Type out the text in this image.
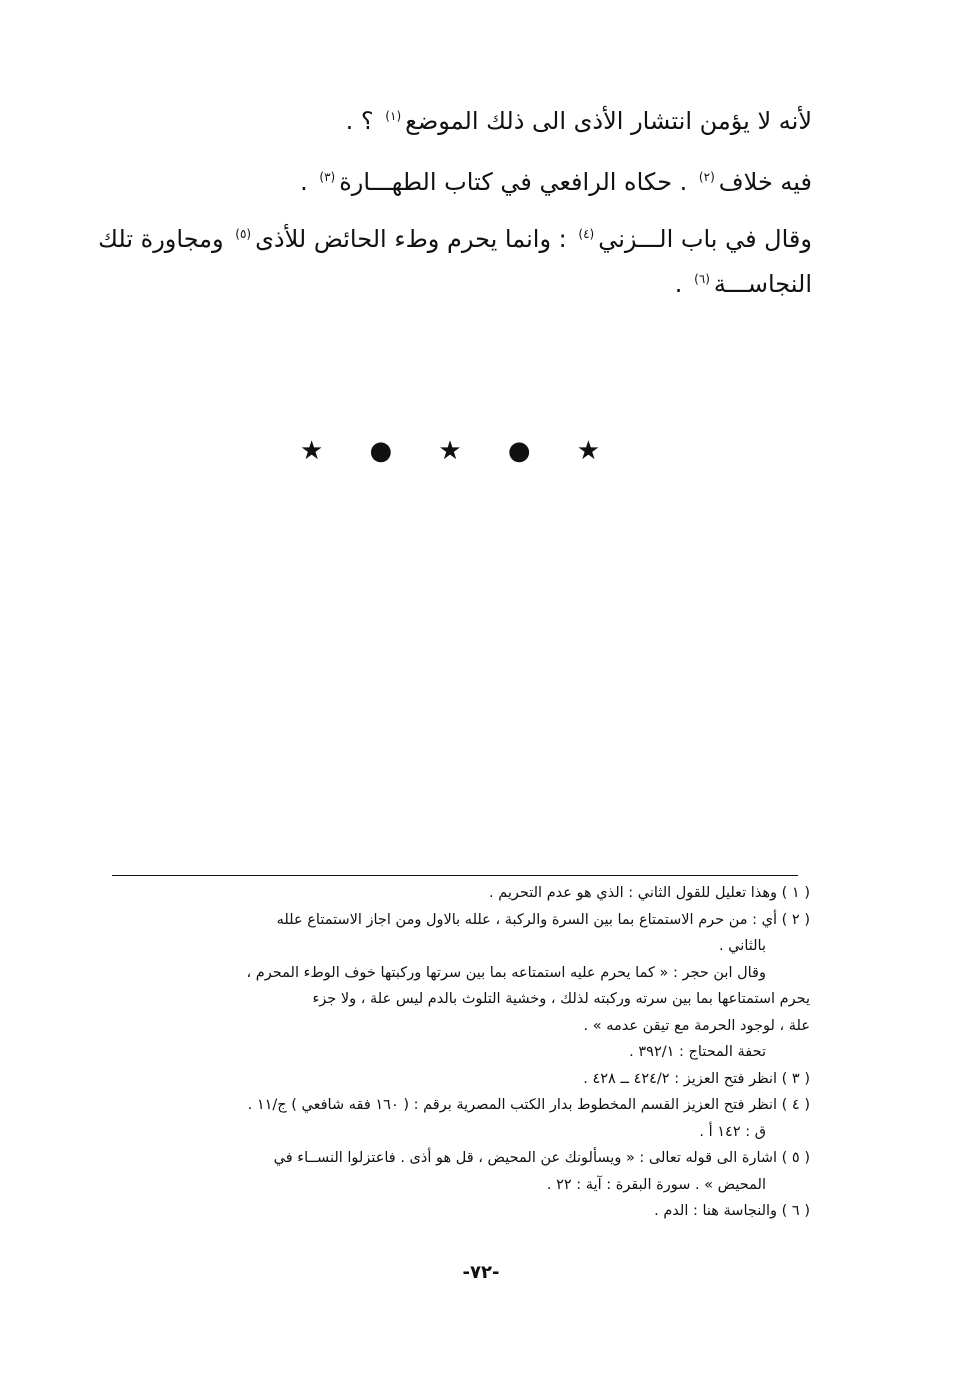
لأنه لا يؤمن انتشار الأذى الى ذلك الموضع$^{(١)}$ ؟ .

فيه خلاف$^{(٢)}$ . حكاه الرافعي في كتاب الطهـــارة$^{(٣)}$ .

وقال في باب الـــزني$^{(٤)}$ : وانما يحرم وطء الحائض للأذى$^{(٥)}$ ومجاورة تلك

النجاســـة$^{(٦)}$ .

★ ● ★ ● ★
( ١ ) وهذا تعليل للقول الثاني : الذي هو عدم التحريم .
( ٢ ) أي : من حرم الاستمتاع بما بين السرة والركبة ، علله بالاول ومن اجاز الاستمتاع علله
بالثاني .
وقال ابن حجر : « كما يحرم عليه استمتاعه بما بين سرتها وركبتها خوف الوطء المحرم ،
يحرم استمتاعها بما بين سرته وركبته لذلك ، وخشية التلوث بالدم ليس علة ، ولا جزء
علة ، لوجود الحرمة مع تيقن عدمه » .
تحفة المحتاج : ٣٩٢/١ .
( ٣ ) انظر فتح العزيز : ٤٢٤/٢ ــ ٤٢٨ .
( ٤ ) انظر فتح العزيز القسم المخطوط بدار الكتب المصرية برقم : ( ١٦٠ فقه شافعي ) ج/١١ .
ق : ١٤٢ أ .
( ٥ ) اشارة الى قوله تعالى : « ويسألونك عن المحيض ، قل هو أذى . فاعتزلوا النســاء في
المحيض » . سورة البقرة : آية : ٢٢ .
( ٦ ) والنجاسة هنا : الدم .
-٧٢-
